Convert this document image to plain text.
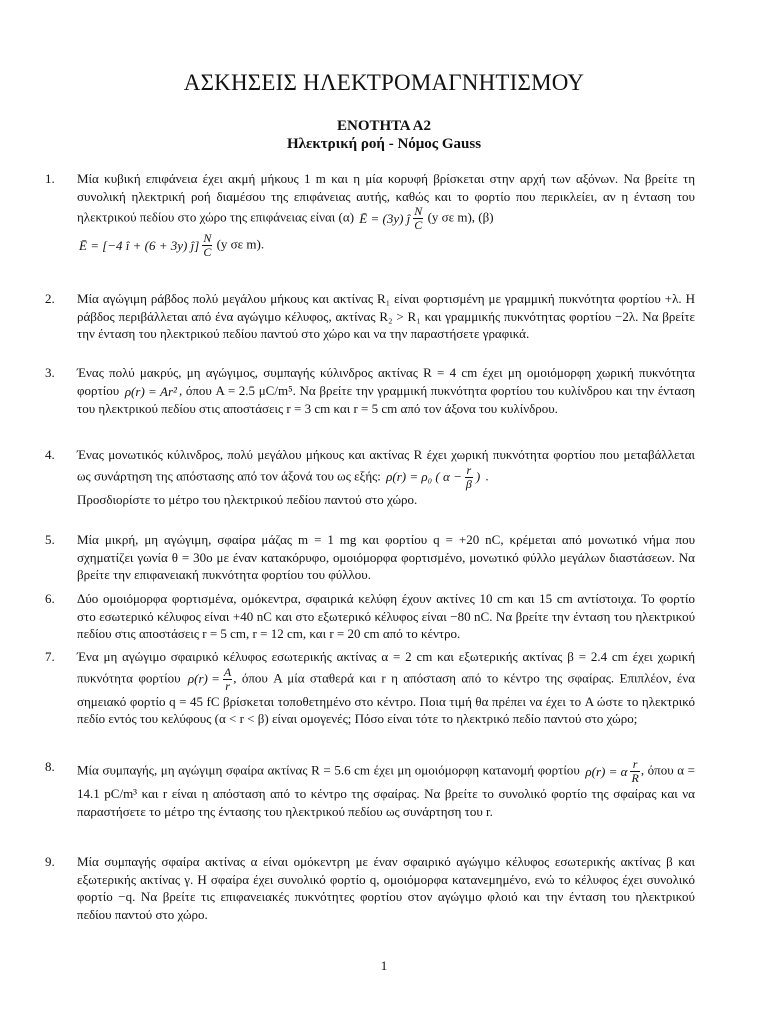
ΑΣΚΗΣΕΙΣ ΗΛΕΚΤΡΟΜΑΓΝΗΤΙΣΜΟΥ
ΕΝΟΤΗΤΑ Α2
Ηλεκτρική ροή - Νόμος Gauss
1. Μία κυβική επιφάνεια έχει ακμή μήκους 1 m και η μία κορυφή βρίσκεται στην αρχή των αξόνων. Να βρείτε τη συνολική ηλεκτρική ροή διαμέσου της επιφάνειας αυτής, καθώς και το φορτίο που περικλείει, αν η ένταση του ηλεκτρικού πεδίου στο χώρο της επιφάνειας είναι (α) Ē = (3y) ĵ $\frac{N}{C} (y$ σε m), (β)
Ē = [−4 î + (6 + 3y) ĵ] $\frac{N}{C} (y$ σε m).

2. Μία αγώγιμη ράβδος πολύ μεγάλου μήκους και ακτίνας R₁ είναι φορτισμένη με γραμμική πυκνότητα φορτίου +λ. Η ράβδος περιβάλλεται από ένα αγώγιμο κέλυφος, ακτίνας R₂ > R₁ και γραμμικής πυκνότητας φορτίου −2λ. Να βρείτε την ένταση του ηλεκτρικού πεδίου παντού στο χώρο και να την παραστήσετε γραφικά.

3. Ένας πολύ μακρύς, μη αγώγιμος, συμπαγής κύλινδρος ακτίνας R = 4 cm έχει μη ομοιόμορφη χωρική πυκνότητα φορτίου ρ(r) = Ar² , όπου A = 2.5 μC/m⁵. Να βρείτε την γραμμική πυκνότητα φορτίου του κυλίνδρου και την ένταση του ηλεκτρικού πεδίου στις αποστάσεις r = 3 cm και r = 5 cm από τον άξονα του κυλίνδρου.

4. Ένας μονωτικός κύλινδρος, πολύ μεγάλου μήκους και ακτίνας R έχει χωρική πυκνότητα φορτίου που μεταβάλλεται ως συνάρτηση της απόστασης από τον άξονά του ως εξής: ρ(r) = ρ₀ ( $\alpha - \frac{r}{\beta}$ ) .
Προσδιορίστε το μέτρο του ηλεκτρικού πεδίου παντού στο χώρο.

5. Μία μικρή, μη αγώγιμη, σφαίρα μάζας m = 1 mg και φορτίου q = +20 nC, κρέμεται από μονωτικό νήμα που σχηματίζει γωνία θ = 30ο με έναν κατακόρυφο, ομοιόμορφα φορτισμένο, μονωτικό φύλλο μεγάλων διαστάσεων. Να βρείτε την επιφανειακή πυκνότητα φορτίου του φύλλου.

6. Δύο ομοιόμορφα φορτισμένα, ομόκεντρα, σφαιρικά κελύφη έχουν ακτίνες 10 cm και 15 cm αντίστοιχα. Το φορτίο στο εσωτερικό κέλυφος είναι +40 nC και στο εξωτερικό κέλυφος είναι −80 nC. Να βρείτε την ένταση του ηλεκτρικού πεδίου στις αποστάσεις r = 5 cm, r = 12 cm, και r = 20 cm από το κέντρο.

7. Ένα μη αγώγιμο σφαιρικό κέλυφος εσωτερικής ακτίνας α = 2 cm και εξωτερικής ακτίνας β = 2.4 cm έχει χωρική πυκνότητα φορτίου $\rho(r) = \frac{A}{r}$ , όπου A μία σταθερά και r η απόσταση από το κέντρο της σφαίρας. Επιπλέον, ένα σημειακό φορτίο q = 45 fC βρίσκεται τοποθετημένο στο κέντρο. Ποια τιμή θα πρέπει να έχει το A ώστε το ηλεκτρικό πεδίο εντός του κελύφους (α < r < β) είναι ομογενές; Πόσο είναι τότε το ηλεκτρικό πεδίο παντού στο χώρο;

8. Μία συμπαγής, μη αγώγιμη σφαίρα ακτίνας R = 5.6 cm έχει μη ομοιόμορφη κατανομή φορτίου ρ(r) = α $\frac{r}{R}$ , όπου α = 14.1 pC/m³ και r είναι η απόσταση από το κέντρο της σφαίρας. Να βρείτε το συνολικό φορτίο της σφαίρας και να παραστήσετε το μέτρο της έντασης του ηλεκτρικού πεδίου ως συνάρτηση του r.

9. Μία συμπαγής σφαίρα ακτίνας α είναι ομόκεντρη με έναν σφαιρικό αγώγιμο κέλυφος εσωτερικής ακτίνας β και εξωτερικής ακτίνας γ. Η σφαίρα έχει συνολικό φορτίο q, ομοιόμορφα κατανεμημένο, ενώ το κέλυφος έχει συνολικό φορτίο −q. Να βρείτε τις επιφανειακές πυκνότητες φορτίου στον αγώγιμο φλοιό και την ένταση του ηλεκτρικού πεδίου παντού στο χώρο.

1
